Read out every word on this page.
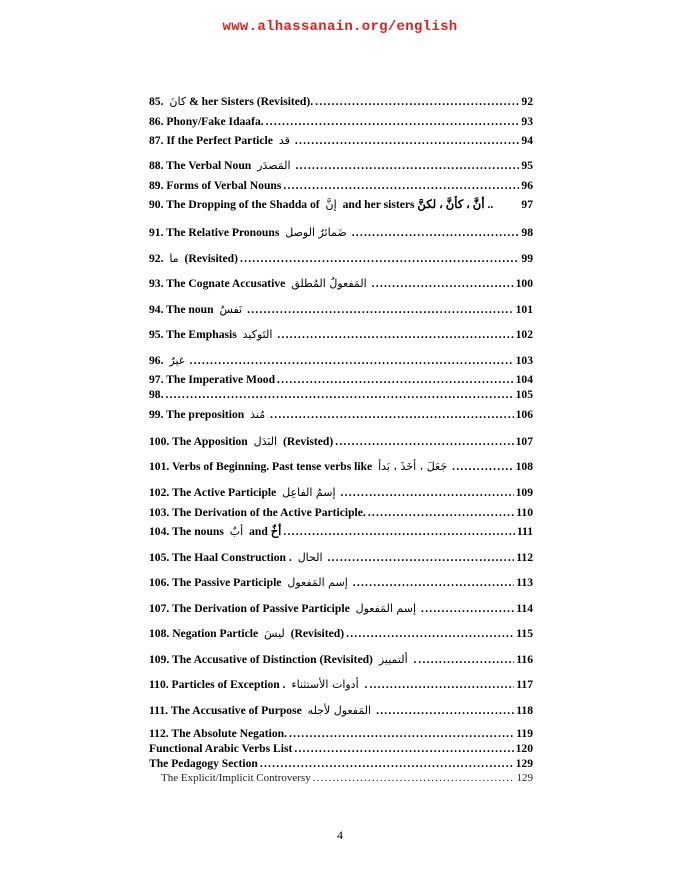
www.alhassanain.org/english
85. كانَ & her Sisters (Revisited). .....	92
86. Phony/Fake Idaafa. .....	93
87. If the Perfect Particle قد .....	94
88. The Verbal Noun المَصدَر .....	95
89. Forms of Verbal Nouns .....	96
90. The Dropping of the Shadda of إنَّ and her sisters أنَّ ، كأنَّ ، لكنَّ .. 97
91. The Relative Pronouns ضَمائرُ الوصل .....	98
92. ما (Revisited) .....	99
93. The Cognate Accusative المَفعولُ المُطلق .....	100
94. The noun نَفسٌ .....	101
95. The Emphasis التَوكيد .....	102
96. غيرُ .....	103
97. The Imperative Mood .....	104
98. .....	105
99. The preposition مُنذ .....	106
100. The Apposition البَدَل (Revisted) .....	107
101. Verbs of Beginning. Past tense verbs like جَعَلَ ، أخَذَ ، بَدأ .....	108
102. The Active Participle إسمُ الفاعِل .....	109
103. The Derivation of the Active Participle. .....	110
104. The nouns أبٌ and أخٌ .....	111
105. The Haal Construction . الحال .....	112
106. The Passive Participle إسم المَفعول .....	113
107. The Derivation of Passive Participle إسم المَفعول .....	114
108. Negation Particle ليسَ (Revisited) .....	115
109. The Accusative of Distinction (Revisited) ألتمييز . .....	116
110. Particles of Exception . أدوات الأستثناء . .....	117
111. The Accusative of Purpose المَفعول لأجله .....	118
112. The Absolute Negation. .....	119
Functional Arabic Verbs List .....	120
The Pedagogy Section .....	129
The Explicit/Implicit Controversy .....	129
4
